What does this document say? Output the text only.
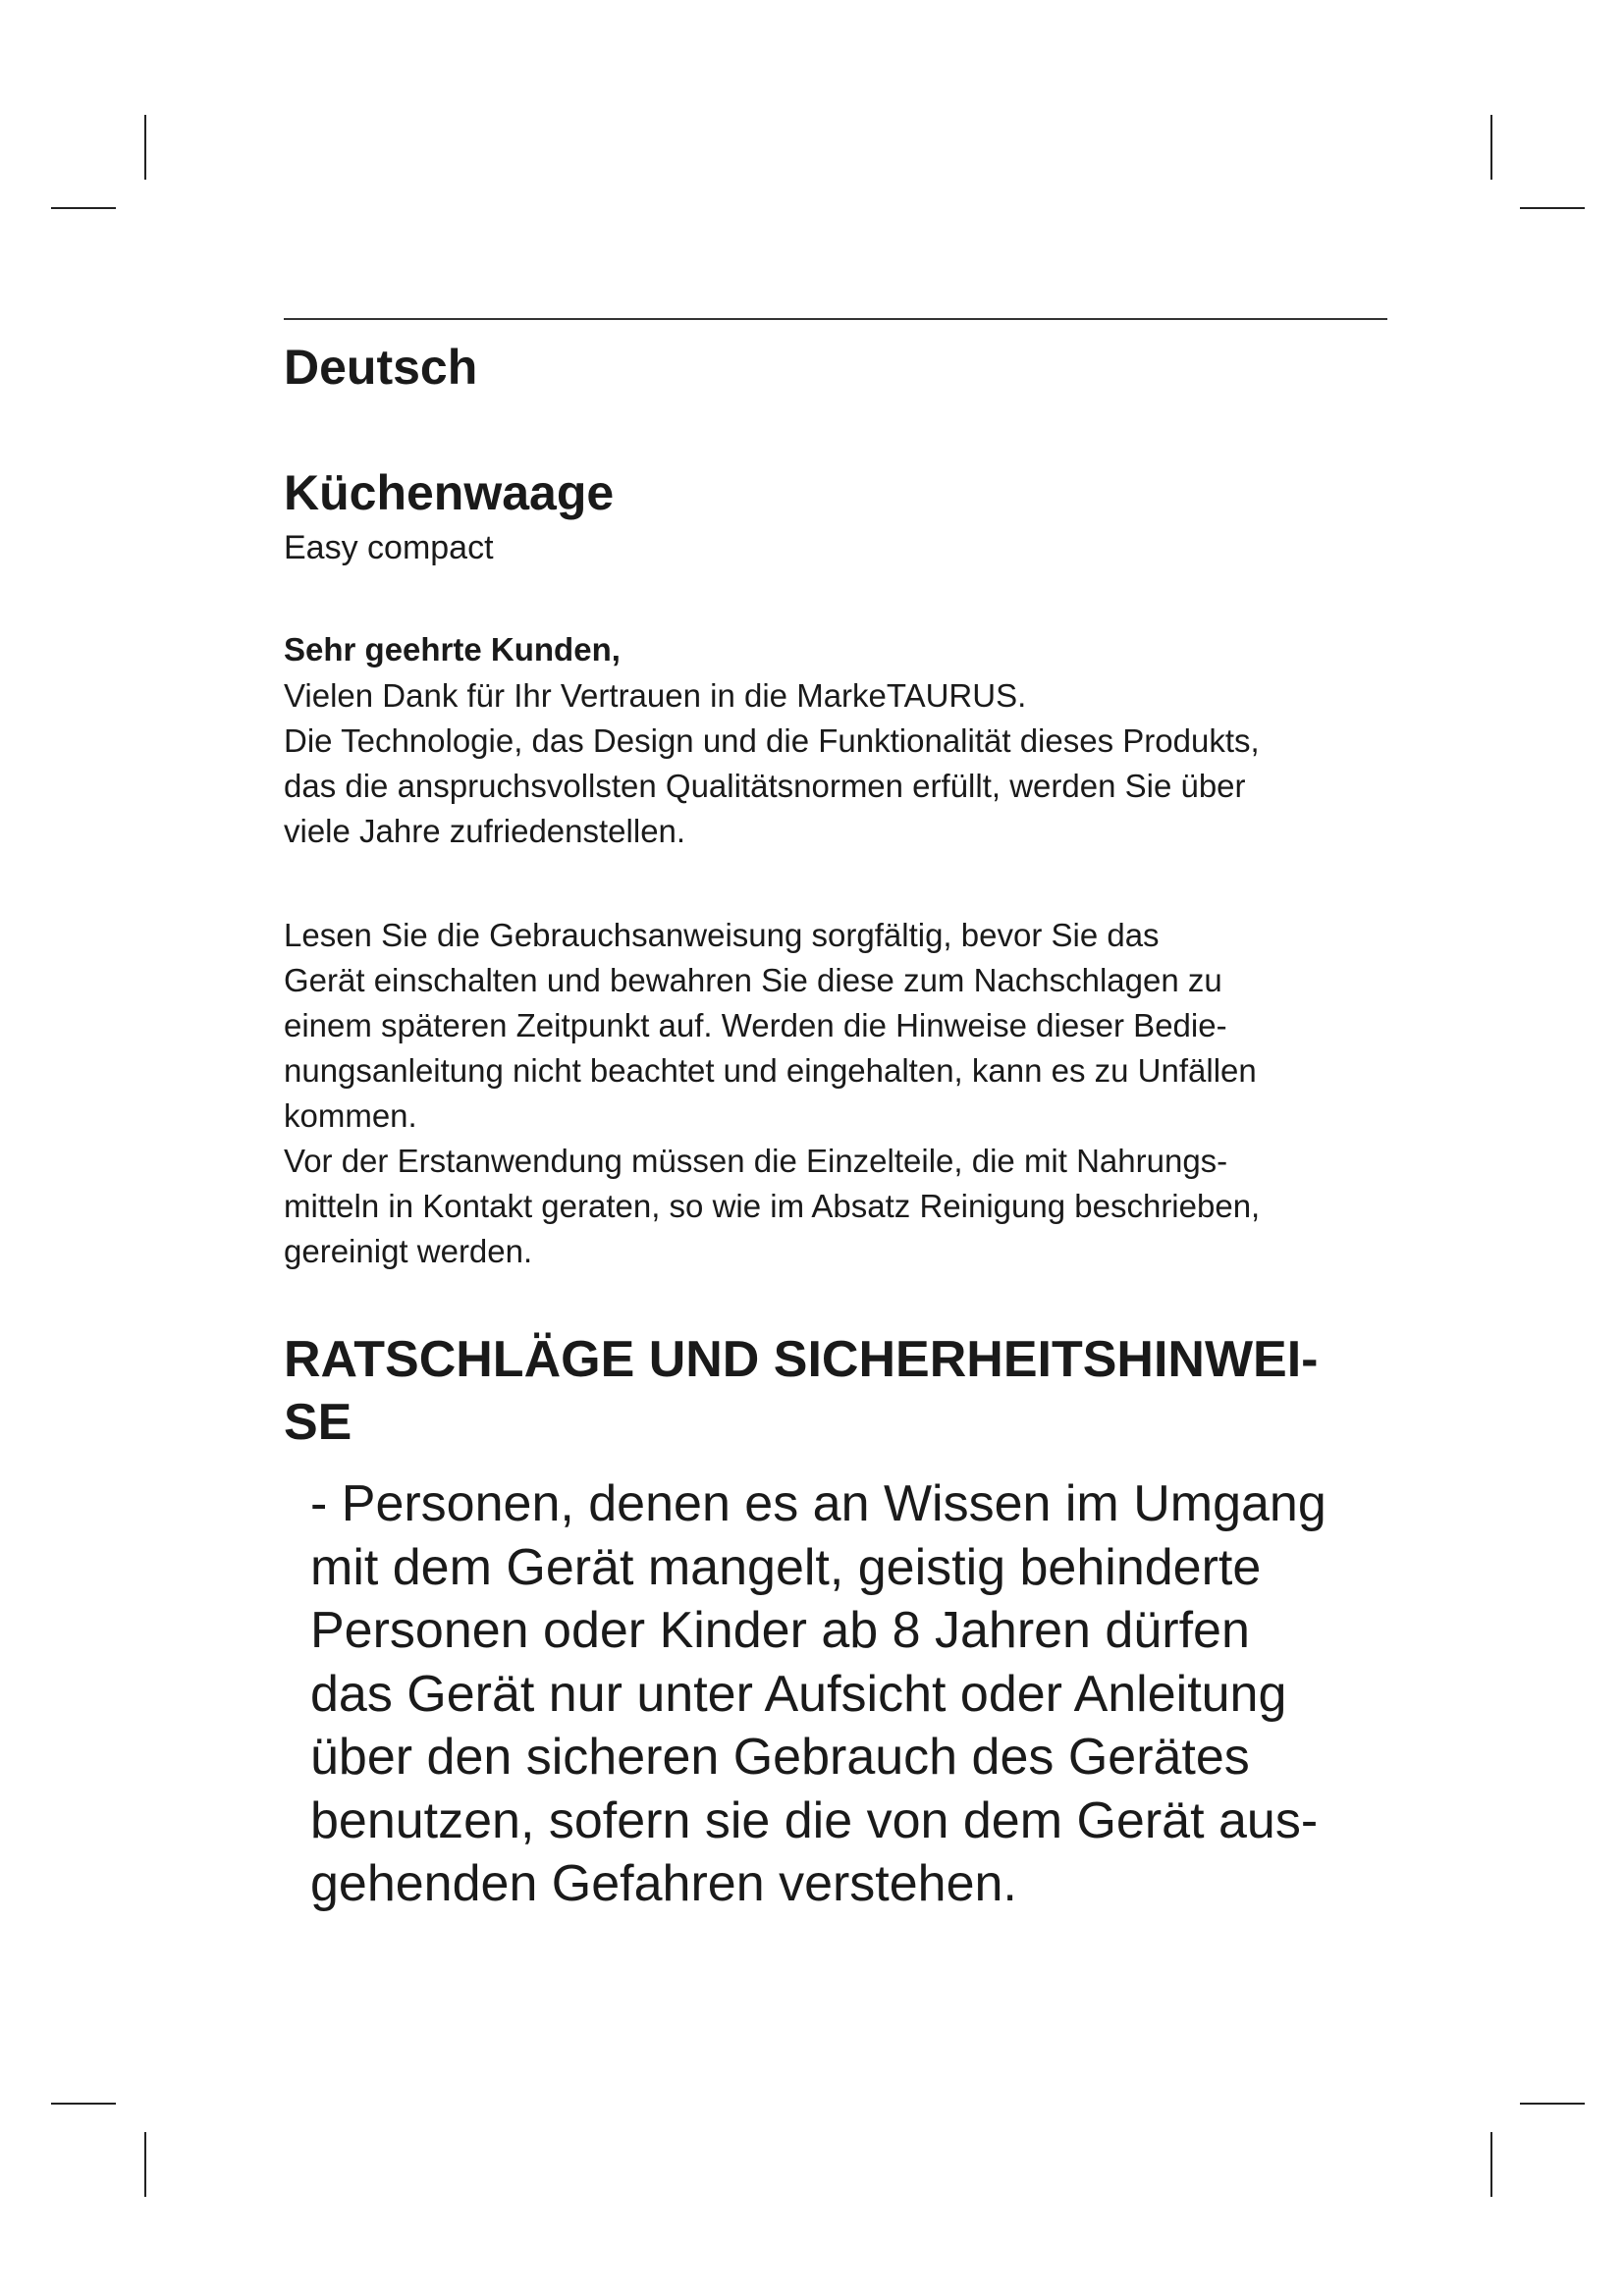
Deutsch
Küchenwaage

Easy compact

Sehr geehrte Kunden,

Vielen Dank für Ihr Vertrauen in die MarkeTAURUS.

Die Technologie, das Design und die Funktionalität dieses Produkts,
das die anspruchsvollsten Qualitätsnormen erfüllt, werden Sie über
viele Jahre zufriedenstellen.

Lesen Sie die Gebrauchsanweisung sorgfältig, bevor Sie das
Gerät einschalten und bewahren Sie diese zum Nachschlagen zu
einem späteren Zeitpunkt auf. Werden die Hinweise dieser Bedie-
nungsanleitung nicht beachtet und eingehalten, kann es zu Unfällen
kommen.

Vor der Erstanwendung müssen die Einzelteile, die mit Nahrungs-
mitteln in Kontakt geraten, so wie im Absatz Reinigung beschrieben,
gereinigt werden.

RATSCHLÄGE UND SICHERHEITSHINWEI-
SE

- Personen, denen es an Wissen im Umgang
mit dem Gerät mangelt, geistig behinderte
Personen oder Kinder ab 8 Jahren dürfen
das Gerät nur unter Aufsicht oder Anleitung
über den sicheren Gebrauch des Gerätes
benutzen, sofern sie die von dem Gerät aus-
gehenden Gefahren verstehen.
